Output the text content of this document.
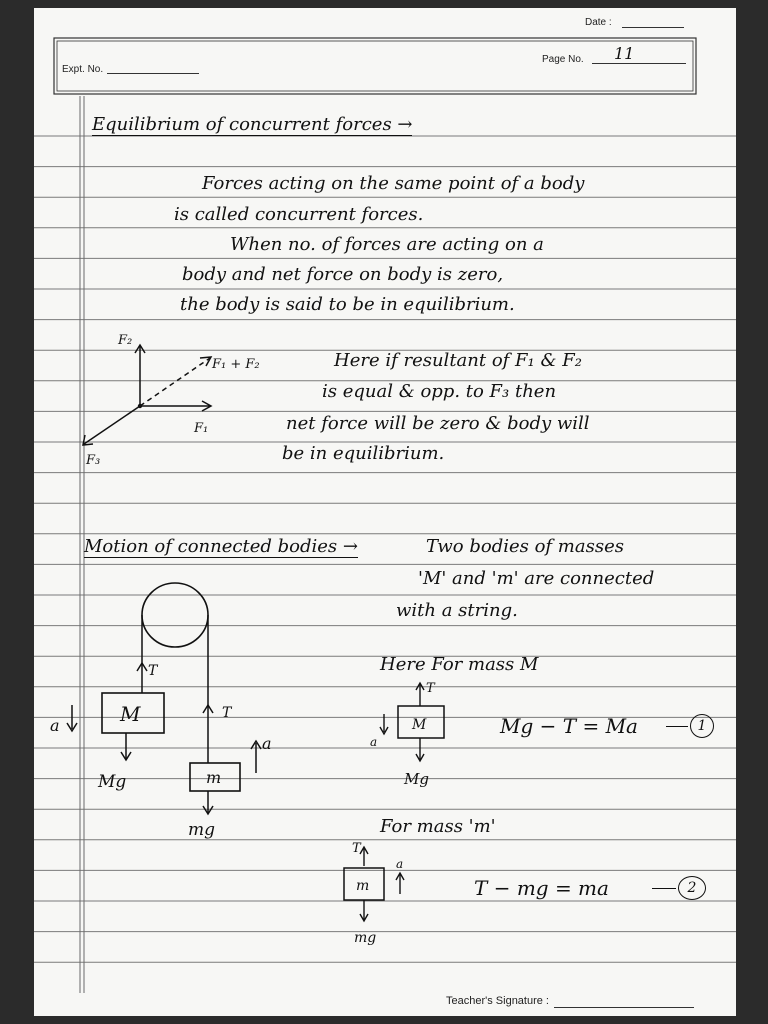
Date :
Expt. No.
Page No. 11
Equilibrium of concurrent forces →
Forces acting on the same point of a body
is called concurrent forces.
When no. of forces are acting on a
body and net force on body is zero,
the body is said to be in equilibrium.
F₂
F₁ + F₂
F₁
F₃
Here if resultant of F₁ & F₂
is equal & opp. to F₃ then
net force will be zero & body will
be in equilibrium.
Motion of connected bodies →	Two bodies of masses
'M' and 'm' are connected
with a string.
T
T
M
a
Mg	m
a
mg
Here For mass M
T
M
a
Mg
Mg − T = Ma	1
For mass 'm'
T
m
a
mg
T − mg = ma	2
Teacher's Signature :
